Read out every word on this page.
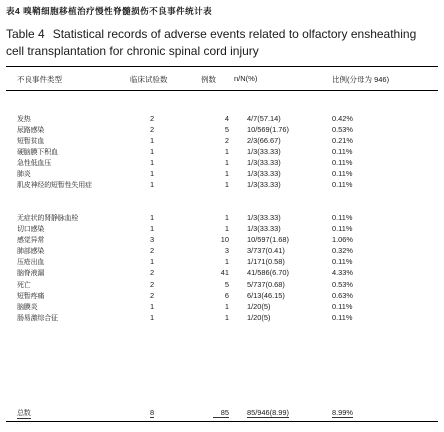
表4 嗅鞘细胞移植治疗慢性脊髓损伤不良事件统计表
Table 4 Statistical records of adverse events related to olfactory ensheathing cell transplantation for chronic spinal cord injury
不良事件类型	临床试验数	例数 n/N(%)	比例(分母为 946)
发热	2	4 4/7(57.14)	0.42%
尿路感染	2	5 10/569(1.76)	0.53%
短暂贫血	1	2 2/3(66.67)	0.21%
硬脑膜下积血	1	1 1/3(33.33)	0.11%
急性低血压	1	1 1/3(33.33)	0.11%
肺炎	1	1 1/3(33.33)	0.11%
肌皮神经的短暂性失用症	1	1 1/3(33.33)	0.11%
无症状的肾静脉血栓	1	1 1/3(33.33)	0.11%
切口感染	1	1 1/3(33.33)	0.11%
感觉异常	3	10 10/597(1.68)	1.06%
肺部感染	2	3 3/737(0.41)	0.32%
压疮出血	1	1 1/171(0.58)	0.11%
脑脊液漏	2	41 41/586(6.70)	4.33%
死亡	2	5 5/737(0.68)	0.53%
短暂疼痛	2	6 6/13(46.15)	0.63%
脑膜炎	1	1 1/20(5)	0.11%
肠易激综合征	1	1 1/20(5)	0.11%
总数	8	85 85/946(8.99)	8.99%
